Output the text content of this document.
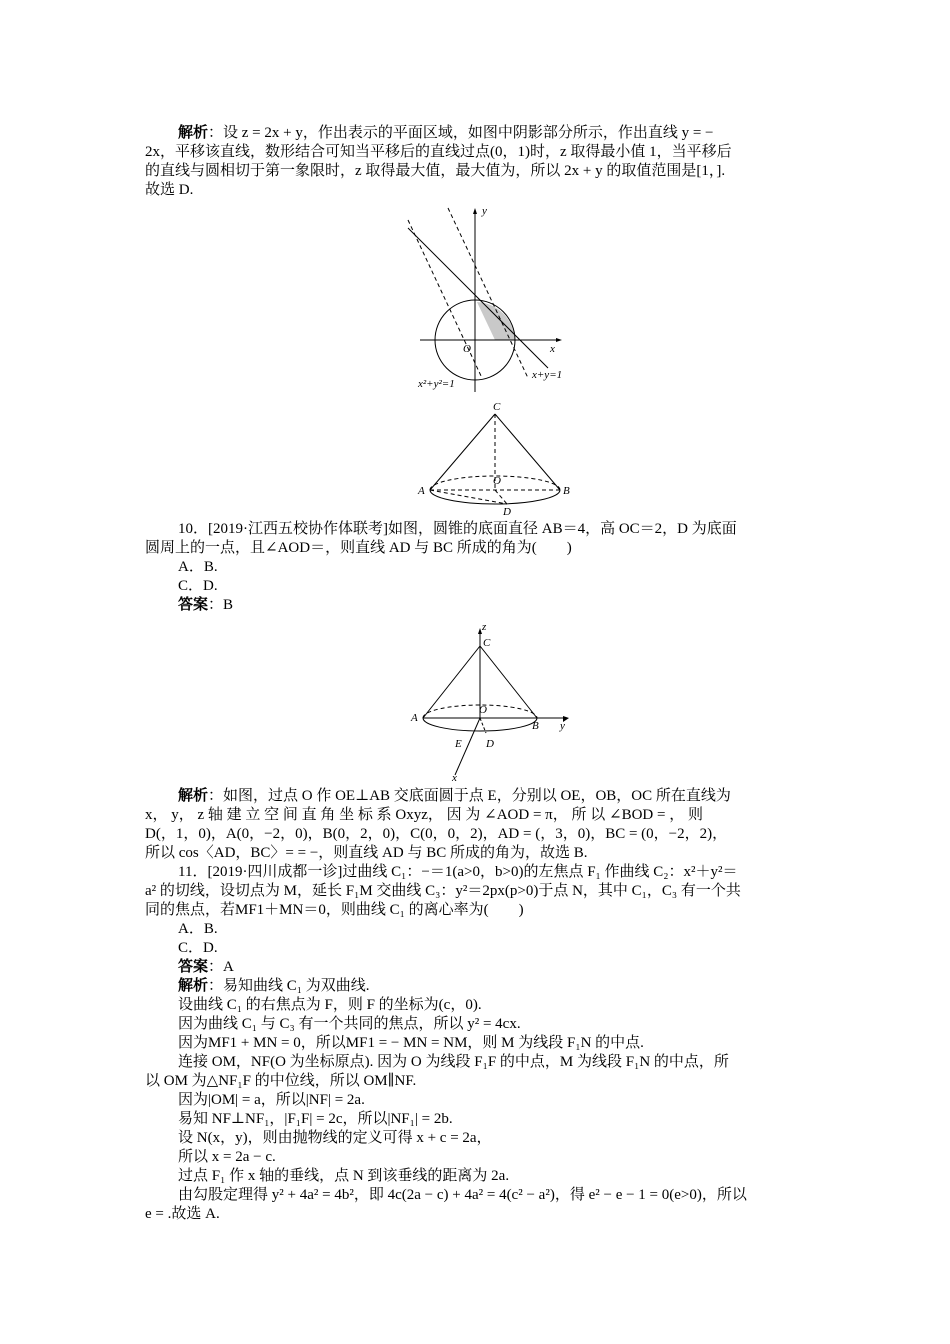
解析：设 z = 2x + y，作出表示的平面区域，如图中阴影部分所示，作出直线 y = −
2x，平移该直线，数形结合可知当平移后的直线过点(0，1)时，z 取得最小值 1，当平移后
的直线与圆相切于第一象限时，z 取得最大值，最大值为，所以 2x + y 的取值范围是[1，].
故选 D.
y
x
O
x²+y²=1
x+y=1
C
A	B
O
D
10．[2019·江西五校协作体联考]如图，圆锥的底面直径 AB＝4，高 OC＝2，D 为底面
圆周上的一点，且∠AOD＝，则直线 AD 与 BC 所成的角为(　　)
A．B.
C．D.
答案：B
z
C
A
O
B y
E D
x
解析：如图，过点 O 作 OE⊥AB 交底面圆于点 E，分别以 OE，OB，OC 所在直线为
x， y， z 轴 建 立 空 间 直 角 坐 标 系 Oxyz， 因 为 ∠AOD = π， 所 以 ∠BOD = ， 则
D(，1，0)，A(0，−2，0)，B(0，2，0)，C(0，0，2)，AD = (，3，0)，BC = (0，−2，2)，
所以 cos〈AD，BC〉= = −，则直线 AD 与 BC 所成的角为，故选 B.
11．[2019·四川成都一诊]过曲线 C₁：−＝1(a>0，b>0)的左焦点 F₁ 作曲线 C₂：x²＋y²＝
a² 的切线，设切点为 M，延长 F₁M 交曲线 C₃：y²＝2px(p>0)于点 N，其中 C₁，C₃ 有一个共
同的焦点，若MF1＋MN＝0，则曲线 C₁ 的离心率为(　　)
A．B.
C．D.
答案：A
解析：易知曲线 C₁ 为双曲线.
设曲线 C₁ 的右焦点为 F，则 F 的坐标为(c，0).
因为曲线 C₁ 与 C₃ 有一个共同的焦点，所以 y² = 4cx.
因为MF1 + MN = 0，所以MF1 = − MN = NM，则 M 为线段 F₁N 的中点.
连接 OM，NF(O 为坐标原点). 因为 O 为线段 F₁F 的中点，M 为线段 F₁N 的中点，所
以 OM 为△NF₁F 的中位线，所以 OM∥NF.
因为|OM| = a，所以|NF| = 2a.
易知 NF⊥NF₁，|F₁F| = 2c，所以|NF₁| = 2b.
设 N(x，y)，则由抛物线的定义可得 x + c = 2a，
所以 x = 2a − c.
过点 F₁ 作 x 轴的垂线，点 N 到该垂线的距离为 2a.
由勾股定理得 y² + 4a² = 4b²，即 4c(2a − c) + 4a² = 4(c² − a²)，得 e² − e − 1 = 0(e>0)，所以
e = .故选 A.
